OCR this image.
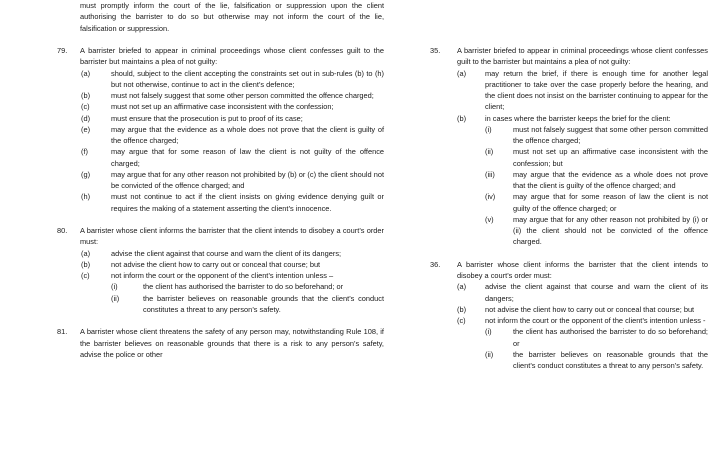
must promptly inform the court of the lie, falsification or suppression upon the client authorising the barrister to do so but otherwise may not inform the court of the lie, falsification or suppression.
79.	A barrister briefed to appear in criminal proceedings whose client confesses guilt to the barrister but maintains a plea of not guilty:
(a)	should, subject to the client accepting the constraints set out in sub-rules (b) to (h) but not otherwise, continue to act in the client’s defence;
(b)	must not falsely suggest that some other person committed the offence charged;
(c)	must not set up an affirmative case inconsistent with the confession;
(d)	must ensure that the prosecution is put to proof of its case;
(e)	may argue that the evidence as a whole does not prove that the client is guilty of the offence charged;
(f)	may argue that for some reason of law the client is not guilty of the offence charged;
(g)	may argue that for any other reason not prohibited by (b) or (c) the client should not be convicted of the offence charged; and
(h)	must not continue to act if the client insists on giving evidence denying guilt or requires the making of a statement asserting the client’s innocence.
80.	A barrister whose client informs the barrister that the client intends to disobey a court’s order must:
(a)	advise the client against that course and warn the client of its dangers;
(b)	not advise the client how to carry out or conceal that course; but
(c)	not inform the court or the opponent of the client’s intention unless –
(i)	the client has authorised the barrister to do so beforehand; or
(ii)	the barrister believes on reasonable grounds that the client’s conduct constitutes a threat to any person’s safety.
81.	A barrister whose client threatens the safety of any person may, notwithstanding Rule 108, if the barrister believes on reasonable grounds that there is a risk to any person’s safety, advise the police or other
35.	A barrister briefed to appear in criminal proceedings whose client confesses guilt to the barrister but maintains a plea of not guilty:
(a)	may return the brief, if there is enough time for another legal practitioner to take over the case properly before the hearing, and the client does not insist on the barrister continuing to appear for the client;
(b)	in cases where the barrister keeps the brief for the client:
(i)	must not falsely suggest that some other person committed the offence charged;
(ii)	must not set up an affirmative case inconsistent with the confession; but
(iii)	may argue that the evidence as a whole does not prove that the client is guilty of the offence charged; and
(iv)	may argue that for some reason of law the client is not guilty of the offence charged; or
(v)	may argue that for any other reason not prohibited by (i) or (ii) the client should not be convicted of the offence charged.
36.	A barrister whose client informs the barrister that the client intends to disobey a court’s order must:
(a)	advise the client against that course and warn the client of its dangers;
(b)	not advise the client how to carry out or conceal that course; but
(c)	not inform the court or the opponent of the client’s intention unless -
(i)	the client has authorised the barrister to do so beforehand; or
(ii)	the barrister believes on reasonable grounds that the client’s conduct constitutes a threat to any person’s safety.
